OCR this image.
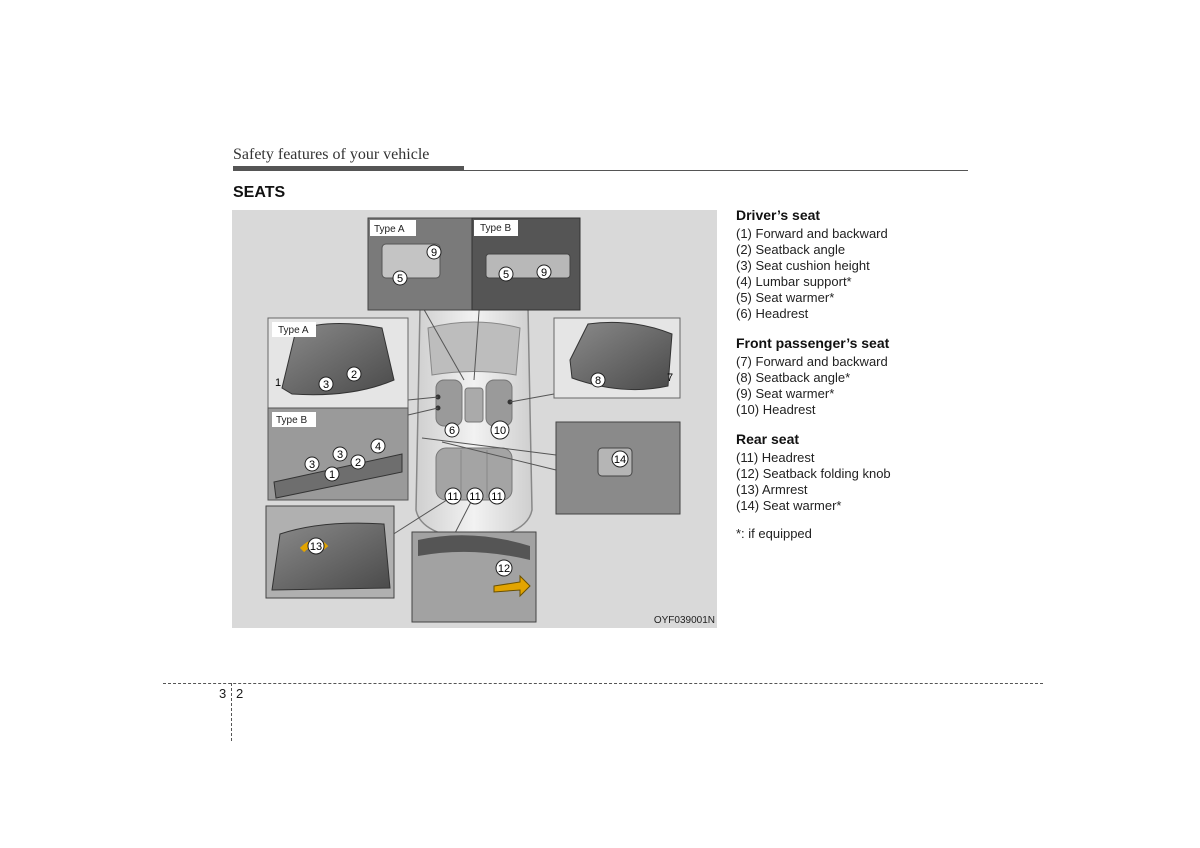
Safety features of your vehicle
SEATS
5
9
5	9
1
2
3
4
3
3	2
1
6	10
8	7
14
11 11 11
13
12
Type A	Type B
Type A
Type B
OYF039001N
Driver’s seat
(1) Forward and backward
(2) Seatback angle
(3) Seat cushion height
(4) Lumbar support*
(5) Seat warmer*
(6) Headrest
Front passenger’s seat
(7) Forward and backward
(8) Seatback angle*
(9) Seat warmer*
(10) Headrest
Rear seat
(11) Headrest
(12) Seatback folding knob
(13) Armrest
(14) Seat warmer*
*: if equipped
3 2
